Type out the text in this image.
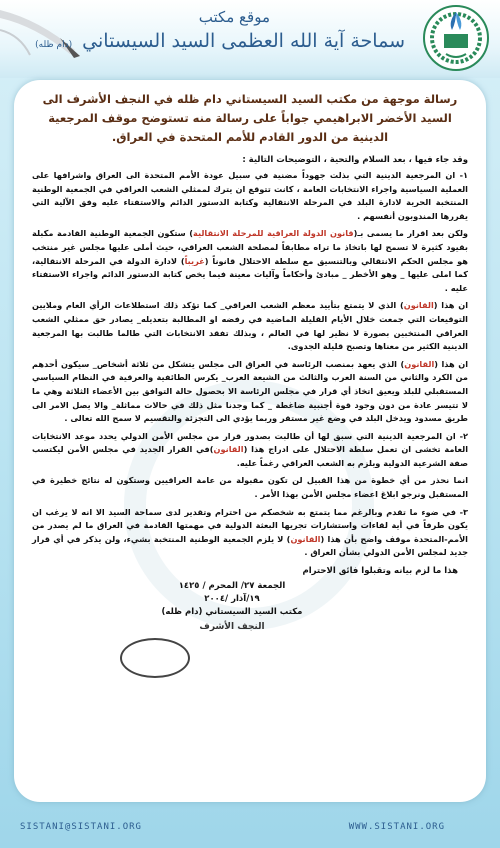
موقع مكتب
سماحة آية الله العظمى السيد السيستاني (دام ظله)
رسالة موجهة من مكتب السيد السيستاني دام ظله في النجف الأشرف الى السيد الأخضر الابراهيمي جواباً على رسالة منه تستوضح موقف المرجعية الدينية من الدور القادم للأمم المتحدة في العراق.
وقد جاء فيها ، بعد السلام والتحية ، التوضيحات التالية :

١- ان المرجعية الدينية التي بذلت جهوداً مضنية في سبيل عودة الأمم المتحدة الى العراق واشرافها على العملية السياسية واجراء الانتخابات العامة ، كانت تتوقع ان يترك لممثلي الشعب العراقي في الجمعية الوطنية المنتخبة الحرية لادارة البلد في المرحلة الانتقالية وكتابة الدستور الدائم والاستفتاء عليه وفق الآلية التي يقررها المندوبون أنفسهم .

ولكن بعد اقرار ما يسمى بـ(قانون الدولة العراقية للمرحلة الانتقالية) ستكون الجمعية الوطنية القادمة مكبلة بقيود كثيرة لا تسمح لها باتخاذ ما تراه مطابقاً لمصلحة الشعب العراقي، حيث أملى عليها مجلس غير منتخب هو مجلس الحكم الانتقالي وبالتنسيق مع سلطة الاحتلال قانوناً (غريباً) لادارة الدولة في المرحلة الانتقالية، كما املى عليها _ وهو الأخطر _ مبادئ وأحكاماً وآليات معينة فيما يخص كتابة الدستور الدائم واجراء الاستفتاء عليه .

ان هذا (القانون) الذي لا يتمتع بتأييد معظم الشعب العراقي_ كما تؤكد ذلك استطلاعات الرأي العام وملايين التوقيعات التي جمعت خلال الأيام القليلة الماضية في رفضه او المطالبة بتعديله_ يصادر حق ممثلي الشعب العراقي المنتخبين بصورة لا نظير لها في العالم ، وبذلك تفقد الانتخابات التي طالما طالبت بها المرجعية الدينية الكثير من معناها وتصبح قليلة الجدوى.

ان هذا (القانون) الذي يعهد بمنصب الرئاسة في العراق الى مجلس يتشكل من ثلاثة أشخاص_ سيكون أحدهم من الكرد والثاني من السنة العرب والثالث من الشيعة العرب_ يكرس الطائفية والعرقية في النظام السياسي المستقبلي للبلد ويعيق اتخاذ أي قرار في مجلس الرئاسة الا بحصول حالة التوافق بين الأعضاء الثلاثة وهي ما لا تتيسر عادة من دون وجود قوة أجنبية ضاغطة _ كما وجدنا مثل ذلك في حالات مماثلة_ والا يصل الامر الى طريق مسدود ويدخل البلد في وضع غير مستقر وربما يؤدي الى التجزئة والتقسيم لا سمح الله تعالى .

٢- ان المرجعية الدينية التي سبق لها أن طالبت بصدور قرار من مجلس الأمن الدولي يحدد موعد الانتخابات العامة تخشى ان تعمل سلطة الاحتلال على ادراج هذا (القانون)في القرار الجديد في مجلس الأمن ليكتسب صفة الشرعية الدولية ويلزم به الشعب العراقي رغماً عليه.

انما نحذر من أي خطوة من هذا القبيل لن تكون مقبولة من عامة العراقيين وستكون له نتائج خطيرة في المستقبل ونرجو ابلاغ اعضاء مجلس الأمن بهذا الأمر .

٣- في ضوء ما تقدم وبالرغم مما يتمتع به شخصكم من احترام وتقدير لدى سماحة السيد الا انه لا يرغب ان يكون طرفاً في أية لقاءات واستشارات تجريها البعثة الدولية في مهمتها القادمة في العراق ما لم يصدر من الأمم-المتحدة موقف واضح بأن هذا (القانون) لا يلزم الجمعية الوطنية المنتخبة بشيء، ولن يذكر في أي قرار جديد لمجلس الأمن الدولي بشأن العراق .

هذا ما لزم بيانه وتقبلوا فائق الاحترام
الجمعة ٢٧/ المحرم / ١٤٢٥
١٩/آذار /٢٠٠٤
مكتب السيد السيستاني (دام ظله)
النجف الأشرف
SISTANI@SISTANI.ORG	WWW.SISTANI.ORG
